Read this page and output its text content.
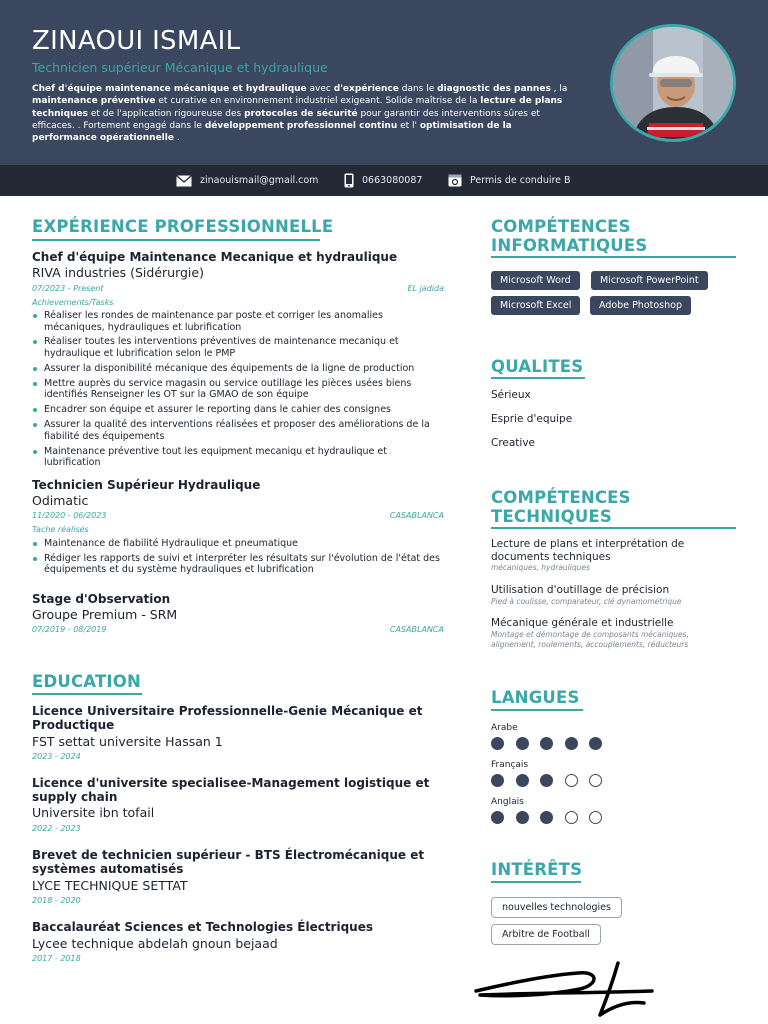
ZINAOUI ISMAIL
Technicien supérieur Mécanique et hydraulique
Chef d'équipe maintenance mécanique et hydraulique avec d'expérience dans le diagnostic des pannes , la maintenance préventive et curative en environnement industriel exigeant. Solide maîtrise de la lecture de plans techniques et de l'application rigoureuse des protocoles de sécurité pour garantir des interventions sûres et efficaces. . Fortement engagé dans le développement professionnel continu et l' optimisation de la performance opérationnelle .
zinaouismail@gmail.com	0663080087	Permis de conduire B
EXPÉRIENCE PROFESSIONNELLE
Chef d'équipe Maintenance Mecanique et hydraulique
RIVA industries (Sidérurgie)
07/2023 - Present	EL jadida
Achievements/Tasks
Réaliser les rondes de maintenance par poste et corriger les anomalies mécaniques, hydrauliques et lubrification
Réaliser toutes les interventions préventives de maintenance mecaniqu et hydraulique et lubrification selon le PMP
Assurer la disponibilité mécanique des équipements de la ligne de production
Mettre auprès du service magasin ou service outillage les pièces usées biens identifiés Renseigner les OT sur la GMAO de son équipe
Encadrer son équipe et assurer le reporting dans le cahier des consignes
Assurer la qualité des interventions réalisées et proposer des améliorations de la fiabilité des équipements
Maintenance préventive tout les equipment mecaniqu et hydraulique et lubrification
Technicien Supérieur Hydraulique
Odimatic
11/2020 - 06/2023	CASABLANCA
Tache réalisés
Maintenance de fiabilité Hydraulique et pneumatique
Rédiger les rapports de suivi et interpréter les résultats sur l'évolution de l'état des équipements et du système hydrauliques et lubrification
Stage d'Observation
Groupe Premium - SRM
07/2019 - 08/2019	CASABLANCA
EDUCATION
Licence Universitaire Professionnelle-Genie Mécanique et Productique
FST settat universite Hassan 1
2023 - 2024
Licence d'universite specialisee-Management logistique et supply chain
Universite ibn tofail
2022 - 2023
Brevet de technicien supérieur - BTS Électromécanique et systèmes automatisés
LYCE TECHNIQUE SETTAT
2018 - 2020
Baccalauréat Sciences et Technologies Électriques
Lycee technique abdelah gnoun bejaad
2017 - 2018
COMPÉTENCES
INFORMATIQUES
Microsoft Word	Microsoft PowerPoint
Microsoft Excel	Adobe Photoshop
QUALITES
Sérieux
Esprie d'equipe
Creative
COMPÉTENCES
TECHNIQUES
Lecture de plans et interprétation de documents techniques
mécaniques, hydrauliques
Utilisation d'outillage de précision
Pied à coulisse, comparateur, clé dynamométrique
Mécanique générale et industrielle
Montage et démontage de composants mécaniques, alignement, roulements, accouplements, réducteurs
LANGUES
Arabe
Français
Anglais
INTÉRÊTS
nouvelles technologies
Arbitre de Football
